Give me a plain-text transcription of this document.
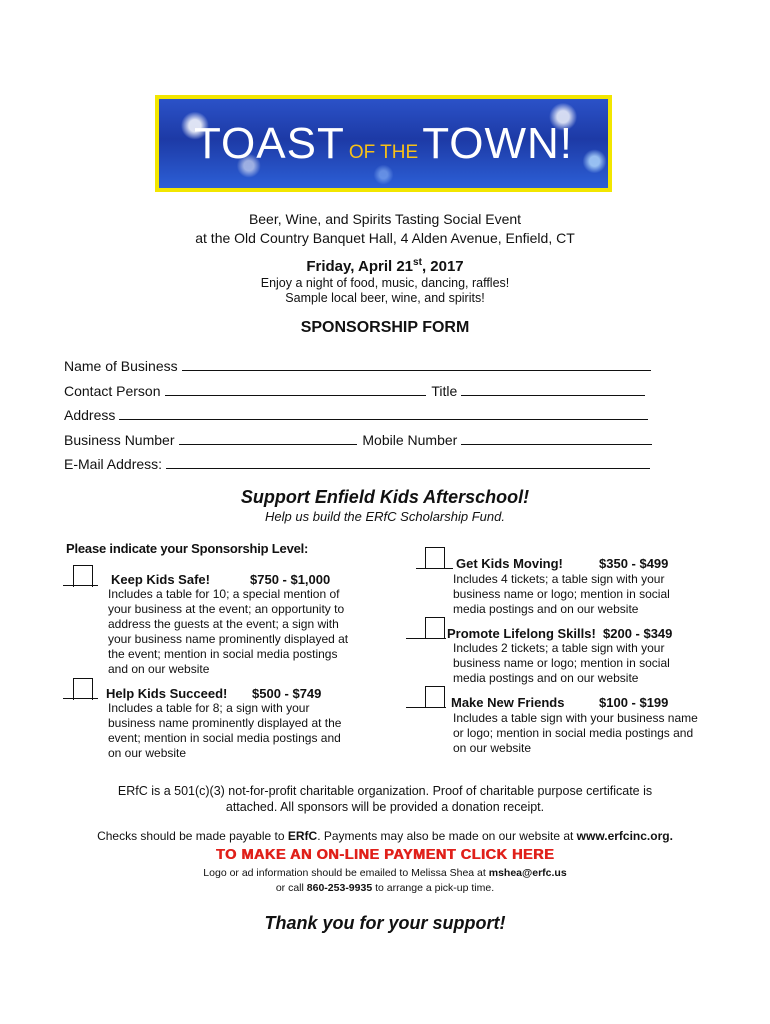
TOAST OF THETOWN!
Beer, Wine, and Spirits Tasting Social Event
at the Old Country Banquet Hall, 4 Alden Avenue, Enfield, CT
Friday, April 21st, 2017
Enjoy a night of food, music, dancing, raffles!
Sample local beer, wine, and spirits!
SPONSORSHIP FORM
Name of Business
Contact Person	Title
Address
Business Number	Mobile Number
E-Mail Address:
Support Enfield Kids Afterschool!
Help us build the ERfC Scholarship Fund.
Please indicate your Sponsorship Level:
Keep Kids Safe!	$750 - $1,000
Includes a table for 10; a special mention of
your business at the event; an opportunity to
address the guests at the event; a sign with
your business name prominently displayed at
the event; mention in social media postings
and on our website
Help Kids Succeed! $500 - $749
Includes a table for 8; a sign with your
business name prominently displayed at the
event; mention in social media postings and
on our website
Get Kids Moving!	$350 - $499
Includes 4 tickets; a table sign with your
business name or logo; mention in social
media postings and on our website
Promote Lifelong Skills! $200 - $349
Includes 2 tickets; a table sign with your
business name or logo; mention in social
media postings and on our website
Make New Friends	$100 - $199
Includes a table sign with your business name
or logo; mention in social media postings and
on our website
ERfC is a 501(c)(3) not-for-profit charitable organization. Proof of charitable purpose certificate is
attached. All sponsors will be provided a donation receipt.
Checks should be made payable to ERfC. Payments may also be made on our website at www.erfcinc.org.
TO MAKE AN ON-LINE PAYMENT CLICK HERE
Logo or ad information should be emailed to Melissa Shea at mshea@erfc.us
or call 860-253-9935 to arrange a pick-up time.
Thank you for your support!
